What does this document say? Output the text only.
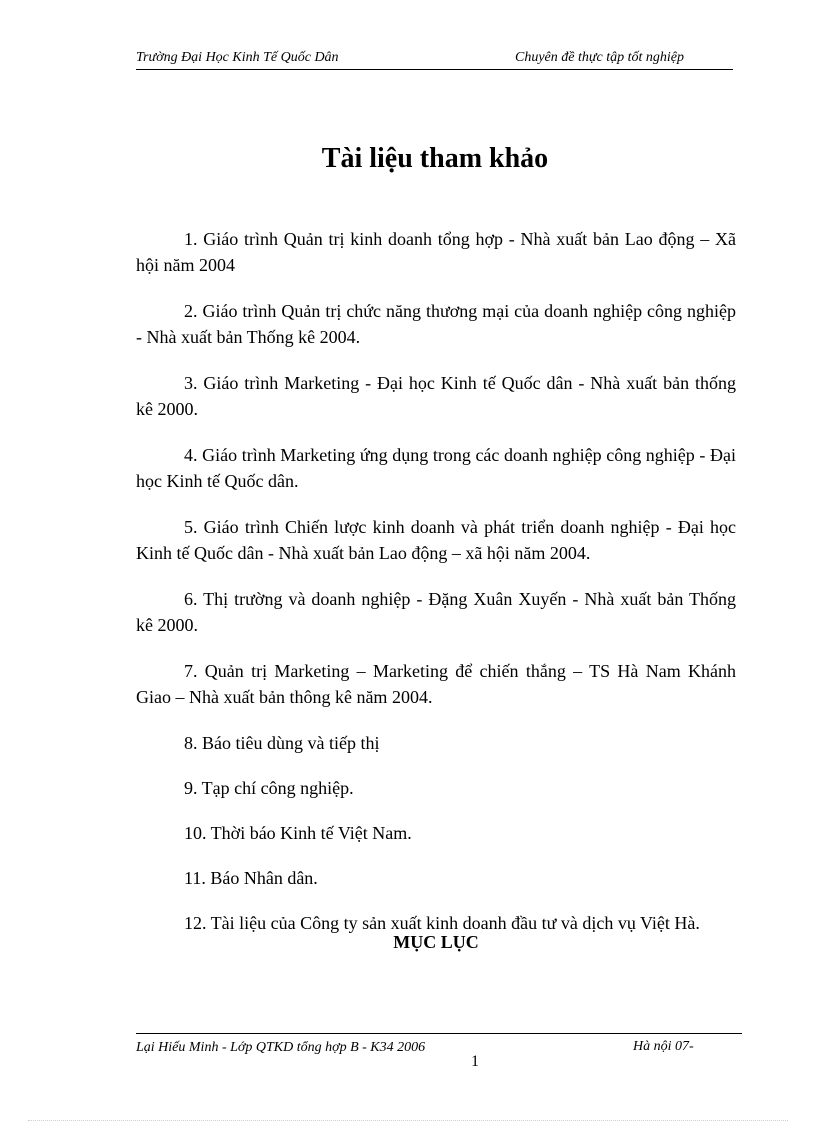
Trường Đại Học Kinh Tế Quốc Dân	Chuyên đề thực tập tốt nghiệp
Tài liệu tham khảo

1. Giáo trình Quản trị kinh doanh tổng hợp - Nhà xuất bản Lao động – Xã hội năm 2004

2. Giáo trình Quản trị chức năng thương mại của doanh nghiệp công nghiệp - Nhà xuất bản Thống kê 2004.

3. Giáo trình Marketing - Đại học Kinh tế Quốc dân - Nhà xuất bản thống kê 2000.

4. Giáo trình Marketing ứng dụng trong các doanh nghiệp công nghiệp - Đại học Kinh tế Quốc dân.

5. Giáo trình Chiến lược kinh doanh và phát triển doanh nghiệp - Đại học Kinh tế Quốc dân - Nhà xuất bản Lao động – xã hội năm 2004.

6. Thị trường và doanh nghiệp - Đặng Xuân Xuyến - Nhà xuất bản Thống kê 2000.

7. Quản trị Marketing – Marketing để chiến thắng – TS Hà Nam Khánh Giao – Nhà xuất bản thông kê năm 2004.

8. Báo tiêu dùng và tiếp thị

9. Tạp chí công nghiệp.

10. Thời báo Kinh tế Việt Nam.

11. Báo Nhân dân.

12. Tài liệu của Công ty sản xuất kinh doanh đầu tư và dịch vụ Việt Hà.

MỤC LỤC
Lại Hiếu Minh - Lớp QTKD tổng hợp B - K34 2006	Hà nội 07-
1
